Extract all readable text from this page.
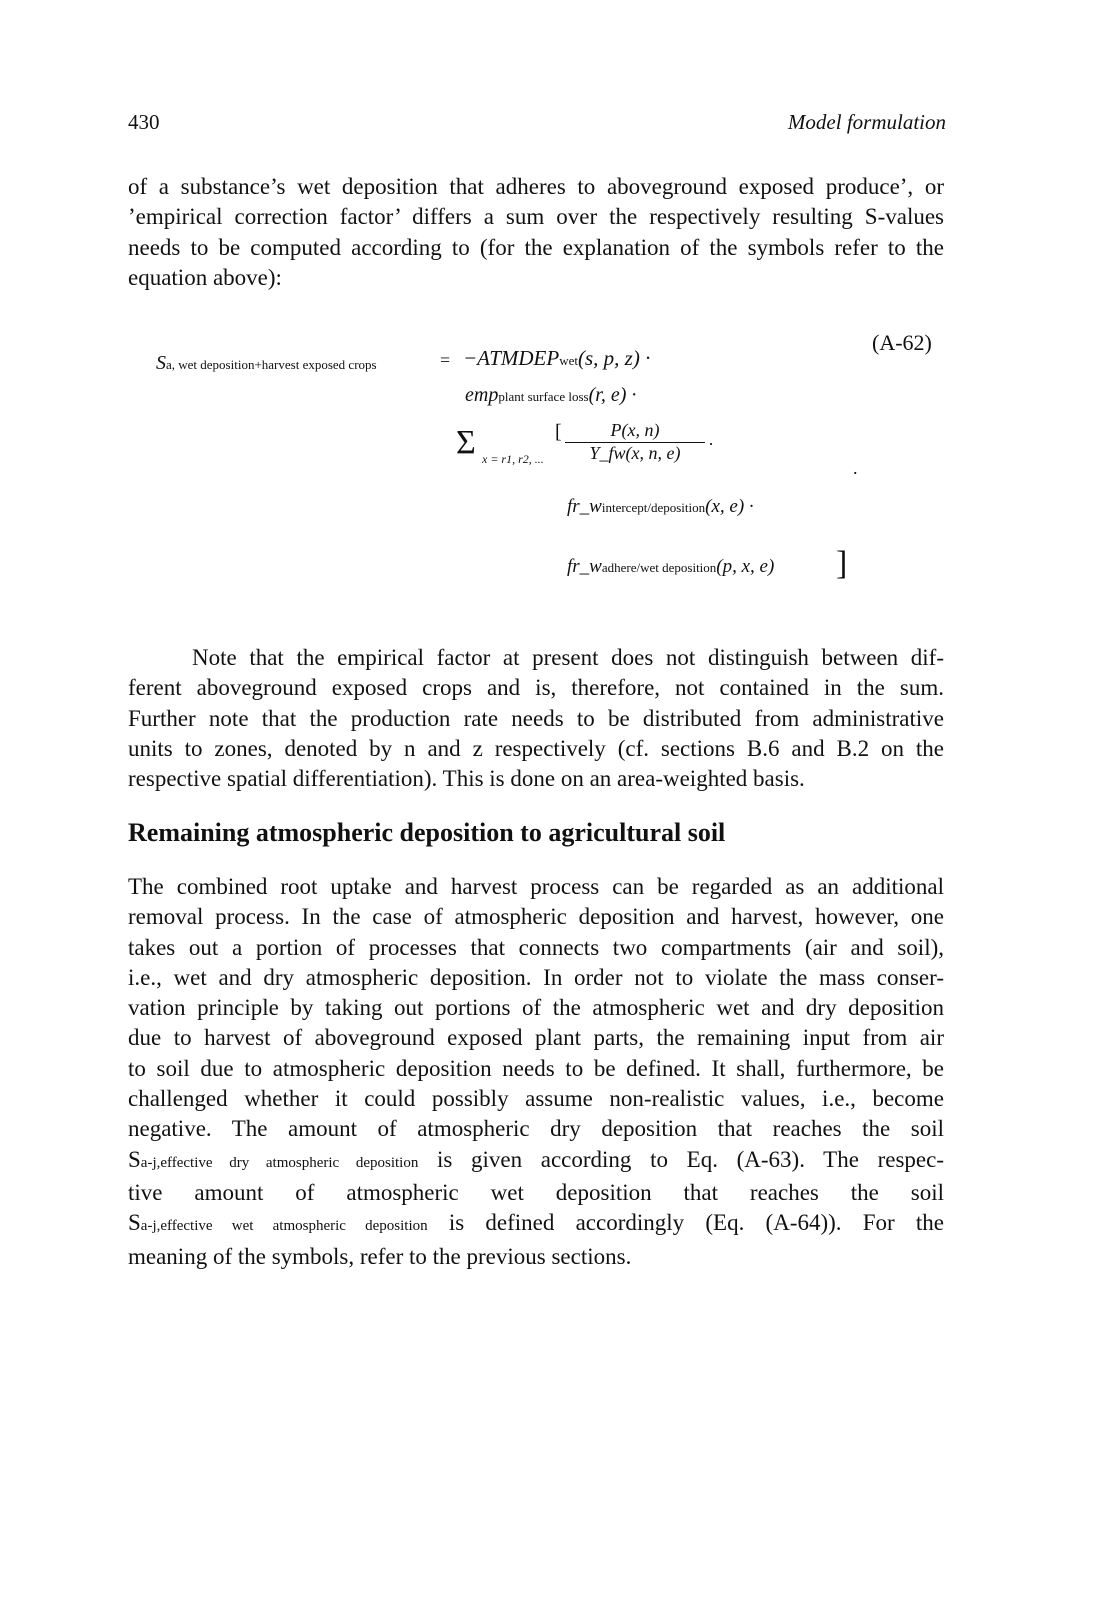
430	Model formulation
of a substance’s wet deposition that adheres to aboveground exposed produce’, or
’empirical correction factor’ differs a sum over the respectively resulting S-values
needs to be computed according to (for the explanation of the symbols refer to the
equation above):
(A-62)
Sa, wet deposition+harvest exposed crops	= −ATMDEPwet(s, p, z) ·
empplant surface loss(r, e) ·
Σ x = r1, r2, ...
[ $\frac{P(x, n)}{Y\_fw(x, n, e)}$ ·
.
fr_wintercept/deposition(x, e) ·
fr_wadhere/wet deposition(p, x, e) ]
Note that the empirical factor at present does not distinguish between dif-
ferent aboveground exposed crops and is, therefore, not contained in the sum.
Further note that the production rate needs to be distributed from administrative
units to zones, denoted by n and z respectively (cf. sections B.6 and B.2 on the
respective spatial differentiation). This is done on an area-weighted basis.
Remaining atmospheric deposition to agricultural soil
The combined root uptake and harvest process can be regarded as an additional
removal process. In the case of atmospheric deposition and harvest, however, one
takes out a portion of processes that connects two compartments (air and soil),
i.e., wet and dry atmospheric deposition. In order not to violate the mass conser-
vation principle by taking out portions of the atmospheric wet and dry deposition
due to harvest of aboveground exposed plant parts, the remaining input from air
to soil due to atmospheric deposition needs to be defined. It shall, furthermore, be
challenged whether it could possibly assume non-realistic values, i.e., become
negative. The amount of atmospheric dry deposition that reaches the soil
Sa-j,effective dry atmospheric deposition is given according to Eq. (A-63). The respec-
tive amount of atmospheric wet deposition that reaches the soil
Sa-j,effective wet atmospheric deposition is defined accordingly (Eq. (A-64)). For the
meaning of the symbols, refer to the previous sections.
